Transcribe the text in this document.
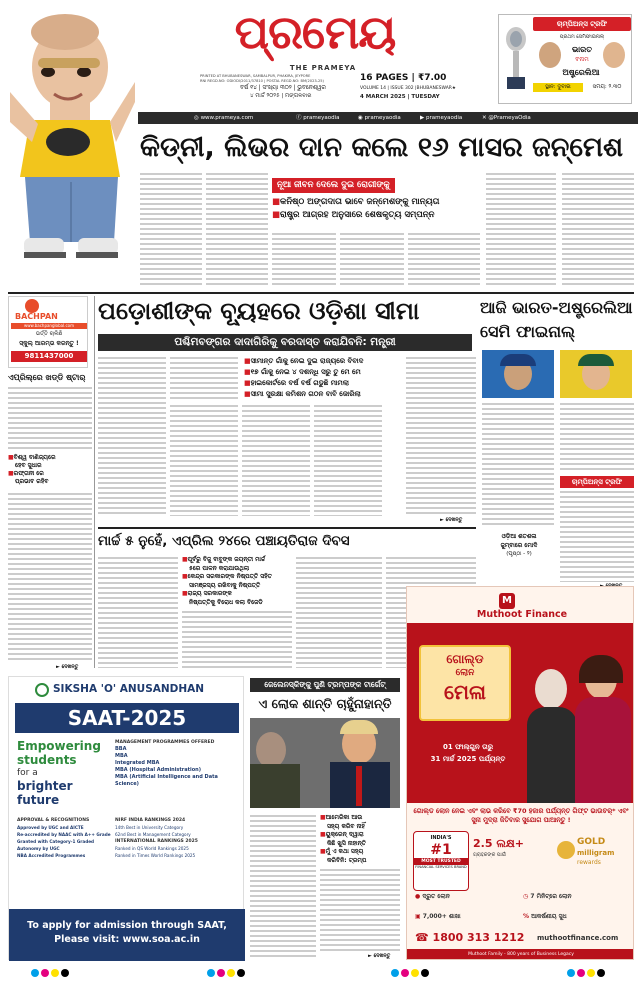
ପ୍ରମେୟ
THE PRAMEYA
PRINTED AT BHUBANESWAR, SAMBALPUR, PHAKIRA, JEYPORE
RNI REGD.NO: ODIODI/2011/37810 | POSTAL REGD.NO: BM(2023-25)
ବର୍ଷ ୧୪ | ସଂଖ୍ୟା ୩୦୨ | ଭୁବନେଶ୍ୱର
୪ ମାର୍ଚ୍ଚ ୨୦୨୫ | ମଙ୍ଗଳବାର
16 PAGES | ₹7.00
VOLUME 14 | ISSUE 302 |BHUBANESWAR★
4 MARCH 2025 | TUESDAY
ଚାମ୍ପିଅନ୍ସ ଟ୍ରଫି
ପ୍ରଥମ ସେମିଫାଇନାଲ୍
ଭାରତ
ବନାମ
ଅଷ୍ଟ୍ରେଲିଆ
ସ୍ଥାନ: ଦୁବାଇ	ସମୟ: ୨.୩୦
◎ www.prameya.com	ⓕ prameyaodia	◉ prameyaodia	▶ prameyaodia	✕ @PrameyaOdia
କିଡ୍‌ନୀ, ଲିଭର ଦାନ କଲେ ୧୬ ମାସର ଜନ୍ମେଶ
ନୂଆ ଜୀବନ ଦେଲେ ଦୁଇ ରୋଗୀଙ୍କୁ
■ କନିଷ୍ଠ ଅଙ୍ଗଦାତା ଭାବେ ଜନ୍ମେଶଙ୍କୁ ମାନ୍ୟତା
■ ରାଷ୍ଟ୍ର ଆଗ୍ରହ ଅନୁସାରେ ଶେଷକୃତ୍ୟ ସମ୍ପନ୍ନ
BACHPAN
www.bachpanglobal.com
ଭର୍ତ୍ତି ଚାଲିଛି
ସ୍କୁଲ୍ ଆରମ୍ଭ କରନ୍ତୁ !
9811437000
ଏପ୍ରିଲ୍‌ରେ ଖଡ୍ଡି ଷ୍ଟାର୍
■ ବିଶ୍ୱ ବାଣିଜ୍ୟରେ
ହେବ ସୁଧାର
■ ରଫ୍ତାନୀ ରେ
ପ୍ରଭାବ ରହିବ
► ଦେଖନ୍ତୁ
ପଡ଼ୋଶୀଙ୍କ ବ୍ୟୂହରେ ଓଡ଼ିଶା ସୀମା
ପଶ୍ଚିମବଙ୍ଗର ଦାଦାଗିରିକୁ ବରଦାସ୍ତ କରାଯିବନି: ମନ୍ତ୍ରୀ
■ ସୀମାନ୍ତ ଗାଁକୁ ନେଇ ଦୁଇ ରାଜ୍ୟରେ ବିବାଦ
■ ୧୭ ଗାଁକୁ ନେଇ ୪ ଦଶନ୍ଧି ସରୁ ତୁ ମେ ମେ
■ ହାଇକୋର୍ଟରେ ବର୍ଷ ବର୍ଷ ଗଡୁଛି ମାମଲା
■ ସୀମା ସୁରକ୍ଷା କମିଶନ ଗଠନ ବାବି ଜୋରିଲା
► ଦେଖନ୍ତୁ
ଆଜି ଭାରତ-ଅଷ୍ଟ୍ରେଲିଆ
ସେମି ଫାଇନାଲ୍
ଚାମ୍ପିଅନ୍ସ ଟ୍ରଫି
ମାର୍ଚ୍ଚ ୫ ନୁହେଁ, ଏପ୍ରିଲ ୨୪ରେ ପଞ୍ଚାୟତିରାଜ ଦିବସ
■ ପୂର୍ବରୁ ବିଜୁ ବାବୁଙ୍କ ଜୟନ୍ତୀ ମାର୍ଚ୍ଚ
୫ରେ ପାଳନ କରାଯାଉଥିଲା
■ କେନ୍ଦ୍ର ସରକାରଙ୍କ ନିଷ୍ପତ୍ତି ସହିତ
ସାମଞ୍ଜସ୍ୟ ରଖିବାକୁ ନିଷ୍ପତ୍ତି
■ ରାଜ୍ୟ ସରକାରଙ୍କ
ନିଷ୍ପତ୍ତିକୁ ବିରୋଧ କଲା ବିଜେଡି
ଓଡ଼ିଆ ଶତଶଳା
ଜୁମ୍ବାରେ ମୋଦି
(ପୃଷ୍ଠା - ୨)
SIKSHA 'O' ANUSANDHAN
SAAT-2025
Empowering
students
for a
brighter future
MANAGEMENT PROGRAMMES OFFERED
BBA
MBA
Integrated MBA
MBA (Hospital Administration)
MBA (Artificial Intelligence and Data Science)
APPROVAL & RECOGNITIONS
Approved by UGC and AICTE
Re-accredited by NAAC with A++ Grade
Granted with Category-1 Graded Autonomy by UGC
NBA Accredited Programmes
NIRF INDIA RANKINGS 2024
14th Best in University Category
62nd Best in Management Category
INTERNATIONAL RANKINGS 2025
Ranked in QS World Rankings 2025
Ranked in Times World Rankings 2025
To apply for admission through SAAT,
Please visit: www.soa.ac.in
ଜେଲେନସ୍କିଙ୍କୁ ପୁଣି ଟ୍ରମ୍ପଙ୍କ ଟାର୍ଗେଟ୍
ଏ ଲୋକ ଶାନ୍ତି ଚାହୁଁନାହାନ୍ତି
■ ଆମେରିକା ଆଉ
ସହ୍ୟ କରିବ ନାହିଁ
■ ୟୁକ୍ରେନ୍ ଦ୍ୱାରା
କିଛି ଖୁସି ନାହାନ୍ତି
■ ମୁଁ ଏ କଥା ସହ୍ୟ
କରିବିନି: ଟ୍ରମ୍ପ
► ଦେଖନ୍ତୁ
M
Muthoot Finance
ଗୋଲ୍ଡ
ଲୋନ
ମେଳା
01 ଫାଲ୍ଗୁନ ତାରୁ
31 ମାର୍ଚ୍ଚ 2025 ପର୍ଯ୍ୟନ୍ତ
ଗୋଲ୍ଡ ଲୋନ ନେଇ ଏବଂ ଲାଭ କରିବେ ₹70 ହଜାର ପର୍ଯ୍ୟନ୍ତ ଗିଫ୍ଟ ଭାଉଚର୍* ଏବଂ ସୁନା ମୁଦ୍ରା ଜିତିବାର ସୁଯୋଗ ପାଆନ୍ତୁ !
INDIA'S
#1
MOST TRUSTED
FINANCIAL SERVICES BRAND
2.5 ଲକ୍ଷ+
ଗ୍ରାହକଙ୍କ ପାଇଁ
GOLD
milligram
rewards
● ଦ୍ରୁତ ଲୋନ	◷ 7 ମିନିଟ୍‌ରେ ଲୋନ
▣ 7,000+ ଶାଖା	% ଆକର୍ଷଣୀୟ ସୁଧ
☎ 1800 313 1212 muthootfinance.com
Muthoot Family - 800 years of Business Legacy
